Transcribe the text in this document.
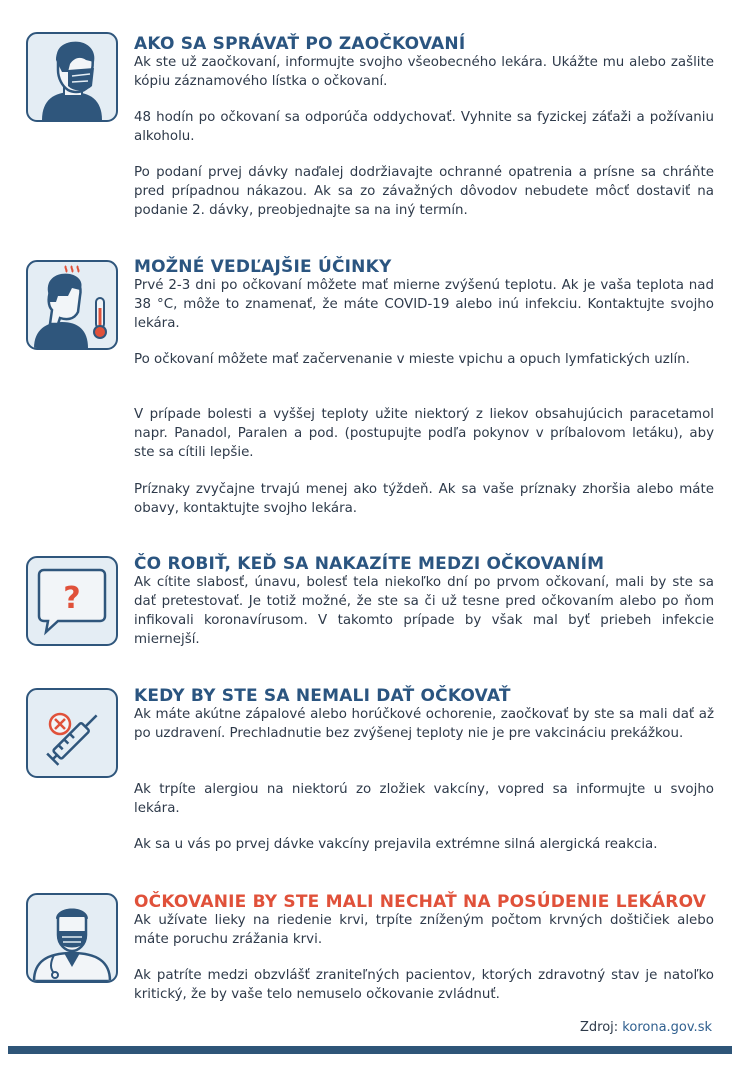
AKO SA SPRÁVAŤ PO ZAOČKOVANÍ
Ak ste už zaočkovaní, informujte svojho všeobecného lekára. Ukážte mu alebo zašlite kópiu záznamového lístka o očkovaní.
48 hodín po očkovaní sa odporúča oddychovať. Vyhnite sa fyzickej záťaži a požívaniu alkoholu.
Po podaní prvej dávky naďalej dodržiavajte ochranné opatrenia a prísne sa chráňte pred prípadnou nákazou. Ak sa zo závažných dôvodov nebudete môcť dostaviť na podanie 2. dávky, preobjednajte sa na iný termín.
MOŽNÉ VEDĽAJŠIE ÚČINKY
Prvé 2-3 dni po očkovaní môžete mať mierne zvýšenú teplotu. Ak je vaša teplota nad 38 °C, môže to znamenať, že máte COVID-19 alebo inú infekciu. Kontaktujte svojho lekára.
Po očkovaní môžete mať začervenanie v mieste vpichu a opuch lymfatických uzlín.
V prípade bolesti a vyššej teploty užite niektorý z liekov obsahujúcich paracetamol napr. Panadol, Paralen a pod. (postupujte podľa pokynov v príbalovom letáku), aby ste sa cítili lepšie.
Príznaky zvyčajne trvajú menej ako týždeň. Ak sa vaše príznaky zhoršia alebo máte obavy, kontaktujte svojho lekára.
?
ČO ROBIŤ, KEĎ SA NAKAZÍTE MEDZI OČKOVANÍM
Ak cítite slabosť, únavu, bolesť tela niekoľko dní po prvom očkovaní, mali by ste sa dať pretestovať. Je totiž možné, že ste sa či už tesne pred očkovaním alebo po ňom infikovali koronavírusom. V takomto prípade by však mal byť priebeh infekcie miernejší.
KEDY BY STE SA NEMALI DAŤ OČKOVAŤ
Ak máte akútne zápalové alebo horúčkové ochorenie, zaočkovať by ste sa mali dať až po uzdravení. Prechladnutie bez zvýšenej teploty nie je pre vakcináciu prekážkou.
Ak trpíte alergiou na niektorú zo zložiek vakcíny, vopred sa informujte u svojho lekára.
Ak sa u vás po prvej dávke vakcíny prejavila extrémne silná alergická reakcia.
OČKOVANIE BY STE MALI NECHAŤ NA POSÚDENIE LEKÁROV
Ak užívate lieky na riedenie krvi, trpíte zníženým počtom krvných doštičiek alebo máte poruchu zrážania krvi.
Ak patríte medzi obzvlášť zraniteľných pacientov, ktorých zdravotný stav je natoľko kritický, že by vaše telo nemuselo očkovanie zvládnuť.
Zdroj: korona.gov.sk
